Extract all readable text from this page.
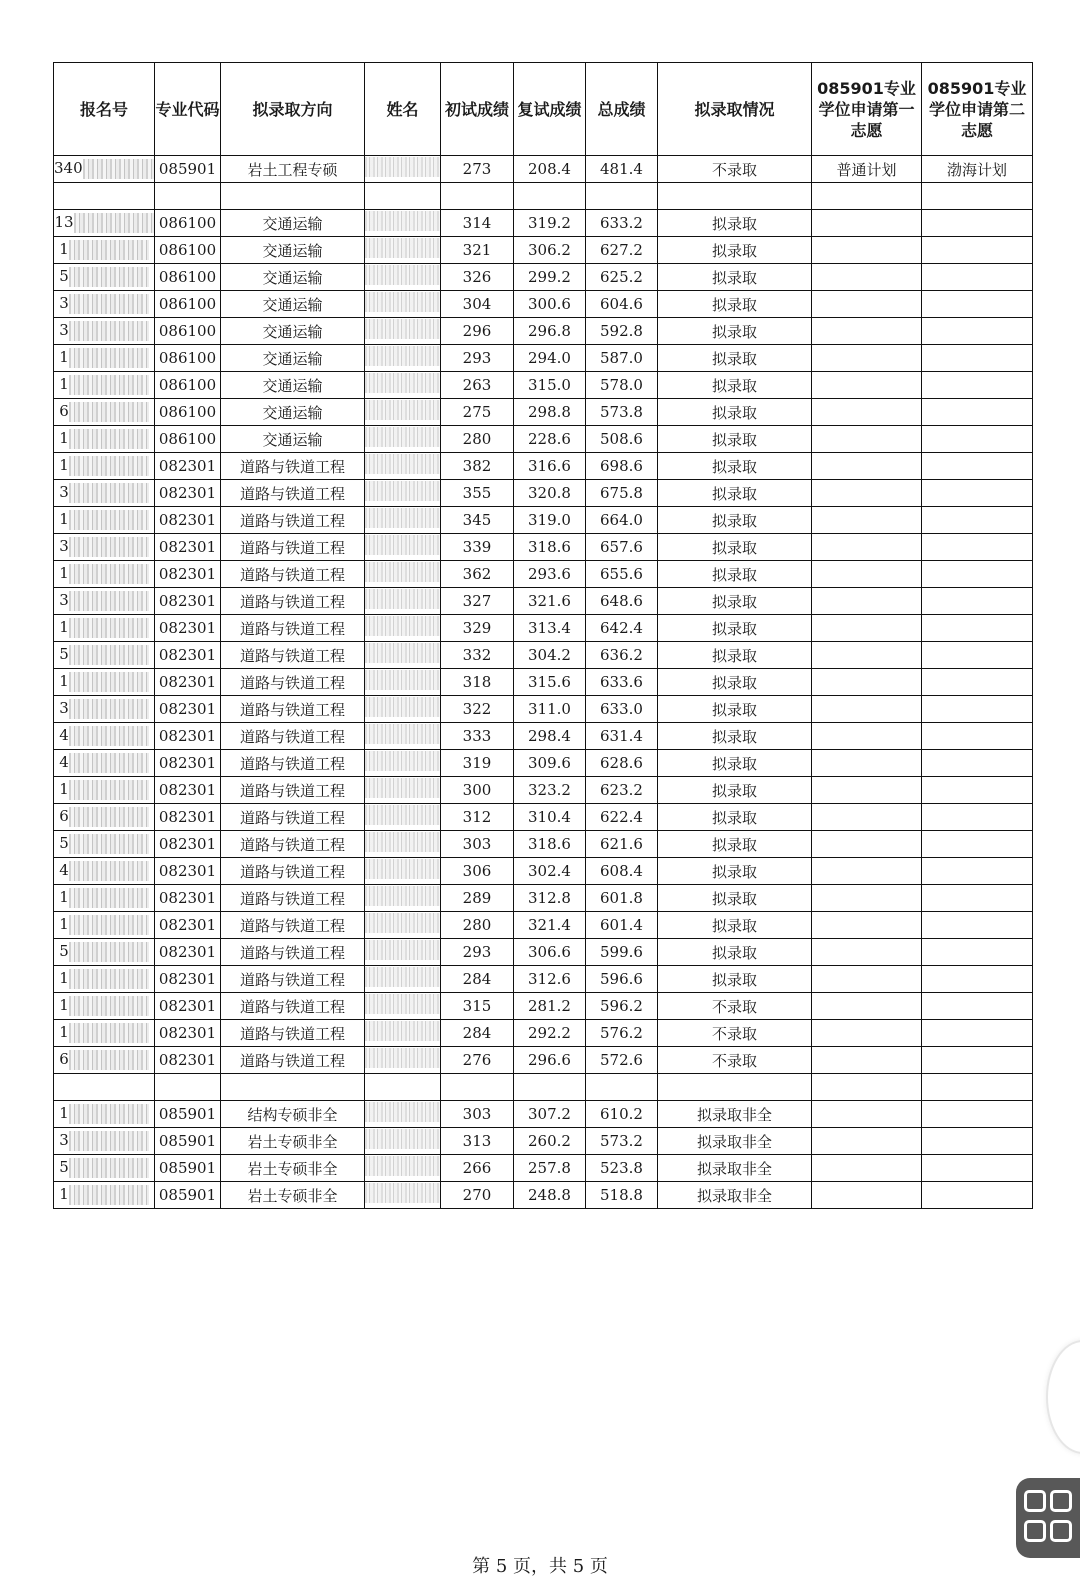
报名号	专业代码	拟录取方向	姓名	初试成绩	复试成绩	总成绩	拟录取情况	085901专业学位申请第一志愿	085901专业学位申请第二志愿
340	085901	岩土工程专硕		273	208.4	481.4	不录取	普通计划	渤海计划

13	086100	交通运输		314	319.2	633.2	拟录取		
1	086100	交通运输		321	306.2	627.2	拟录取		
5	086100	交通运输		326	299.2	625.2	拟录取		
3	086100	交通运输		304	300.6	604.6	拟录取		
3	086100	交通运输		296	296.8	592.8	拟录取		
1	086100	交通运输		293	294.0	587.0	拟录取		
1	086100	交通运输		263	315.0	578.0	拟录取		
6	086100	交通运输		275	298.8	573.8	拟录取		
1	086100	交通运输		280	228.6	508.6	拟录取		
1	082301	道路与铁道工程		382	316.6	698.6	拟录取		
3	082301	道路与铁道工程		355	320.8	675.8	拟录取		
1	082301	道路与铁道工程		345	319.0	664.0	拟录取		
3	082301	道路与铁道工程		339	318.6	657.6	拟录取		
1	082301	道路与铁道工程		362	293.6	655.6	拟录取		
3	082301	道路与铁道工程		327	321.6	648.6	拟录取		
1	082301	道路与铁道工程		329	313.4	642.4	拟录取		
5	082301	道路与铁道工程		332	304.2	636.2	拟录取		
1	082301	道路与铁道工程		318	315.6	633.6	拟录取		
3	082301	道路与铁道工程		322	311.0	633.0	拟录取		
4	082301	道路与铁道工程		333	298.4	631.4	拟录取		
4	082301	道路与铁道工程		319	309.6	628.6	拟录取		
1	082301	道路与铁道工程		300	323.2	623.2	拟录取		
6	082301	道路与铁道工程		312	310.4	622.4	拟录取		
5	082301	道路与铁道工程		303	318.6	621.6	拟录取		
4	082301	道路与铁道工程		306	302.4	608.4	拟录取		
1	082301	道路与铁道工程		289	312.8	601.8	拟录取		
1	082301	道路与铁道工程		280	321.4	601.4	拟录取		
5	082301	道路与铁道工程		293	306.6	599.6	拟录取		
1	082301	道路与铁道工程		284	312.6	596.6	拟录取		
1	082301	道路与铁道工程		315	281.2	596.2	不录取		
1	082301	道路与铁道工程		284	292.2	576.2	不录取		
6	082301	道路与铁道工程		276	296.6	572.6	不录取		

1	085901	结构专硕非全		303	307.2	610.2	拟录取非全		
3	085901	岩土专硕非全		313	260.2	573.2	拟录取非全		
5	085901	岩土专硕非全		266	257.8	523.8	拟录取非全		
1	085901	岩土专硕非全		270	248.8	518.8	拟录取非全		
第 5 页，共 5 页
